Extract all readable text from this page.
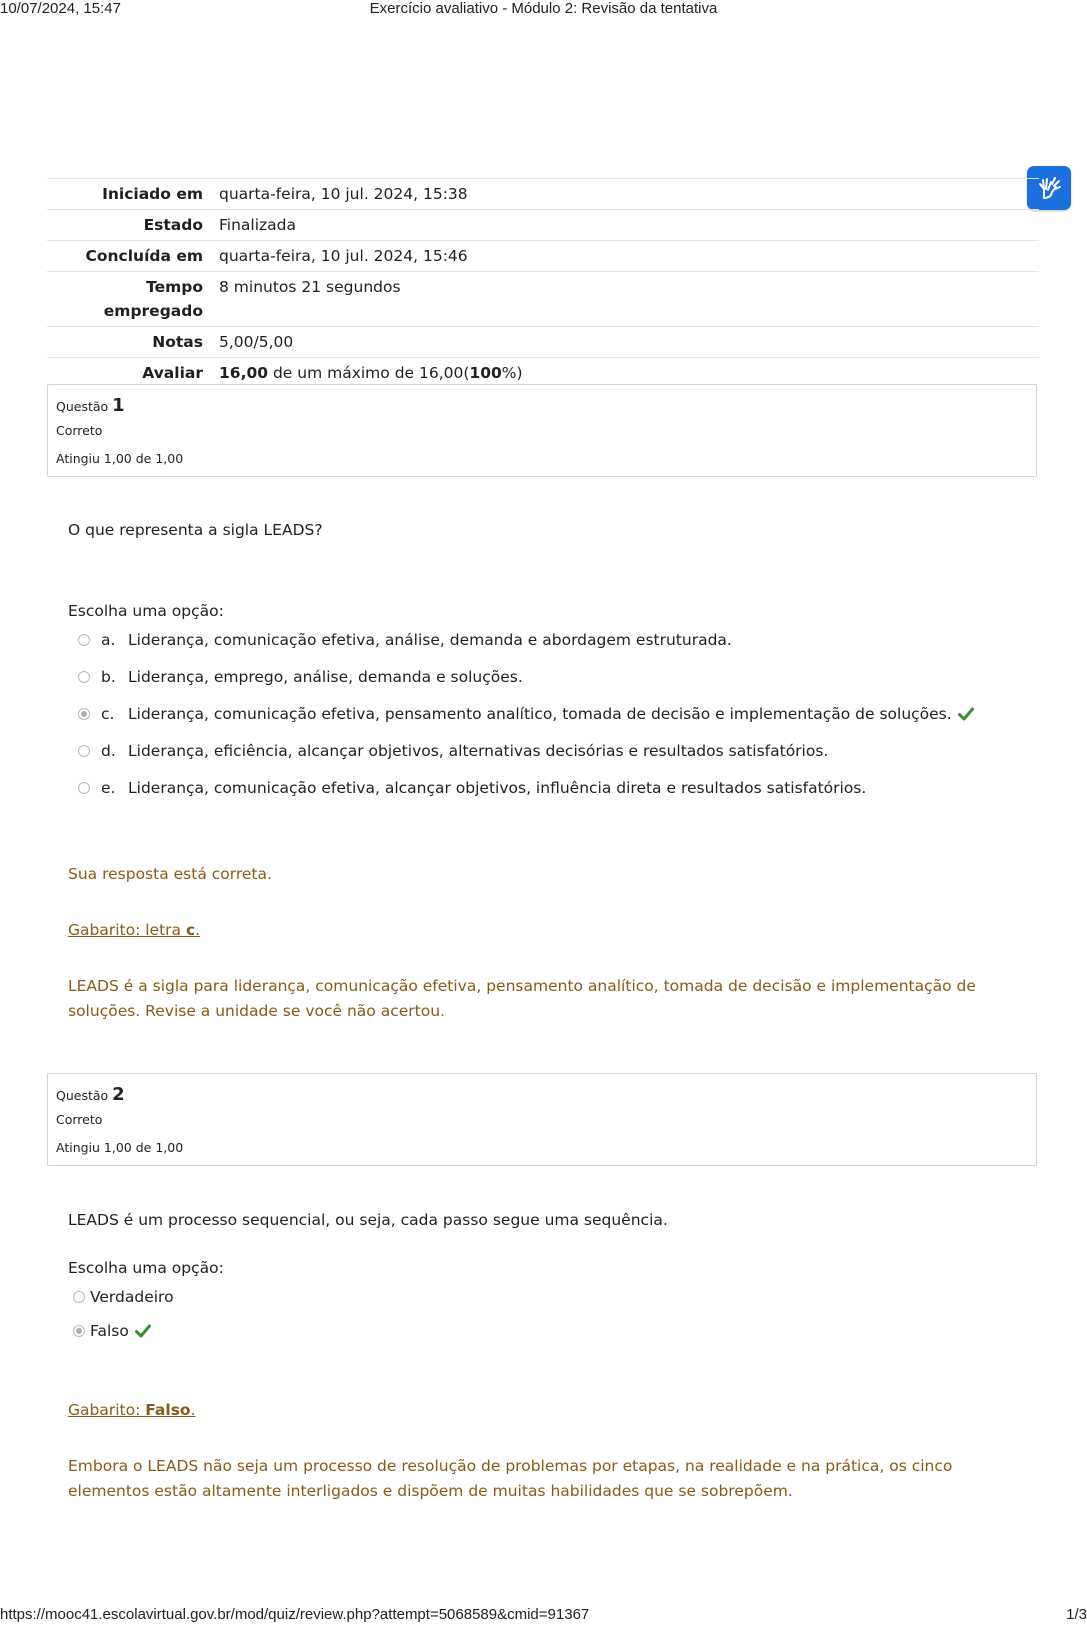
10/07/2024, 15:47	Exercício avaliativo - Módulo 2: Revisão da tentativa
Iniciado em	quarta-feira, 10 jul. 2024, 15:38
Estado	Finalizada
Concluída em	quarta-feira, 10 jul. 2024, 15:46
Tempo
empregado	8 minutos 21 segundos
Notas	5,00/5,00
Avaliar	16,00 de um máximo de 16,00(100%)
Questão 1
Correto
Atingiu 1,00 de 1,00
O que representa a sigla LEADS?
Escolha uma opção:
a. Liderança, comunicação efetiva, análise, demanda e abordagem estruturada.
b. Liderança, emprego, análise, demanda e soluções.
c. Liderança, comunicação efetiva, pensamento analítico, tomada de decisão e implementação de soluções.
d. Liderança, eficiência, alcançar objetivos, alternativas decisórias e resultados satisfatórios.
e. Liderança, comunicação efetiva, alcançar objetivos, influência direta e resultados satisfatórios.
Sua resposta está correta.
Gabarito: letra c.
LEADS é a sigla para liderança, comunicação efetiva, pensamento analítico, tomada de decisão e implementação de soluções. Revise a unidade se você não acertou.
Questão 2
Correto
Atingiu 1,00 de 1,00
LEADS é um processo sequencial, ou seja, cada passo segue uma sequência.
Escolha uma opção:
Verdadeiro
Falso
Gabarito: Falso.
Embora o LEADS não seja um processo de resolução de problemas por etapas, na realidade e na prática, os cinco elementos estão altamente interligados e dispõem de muitas habilidades que se sobrepõem.
https://mooc41.escolavirtual.gov.br/mod/quiz/review.php?attempt=5068589&cmid=91367	1/3
